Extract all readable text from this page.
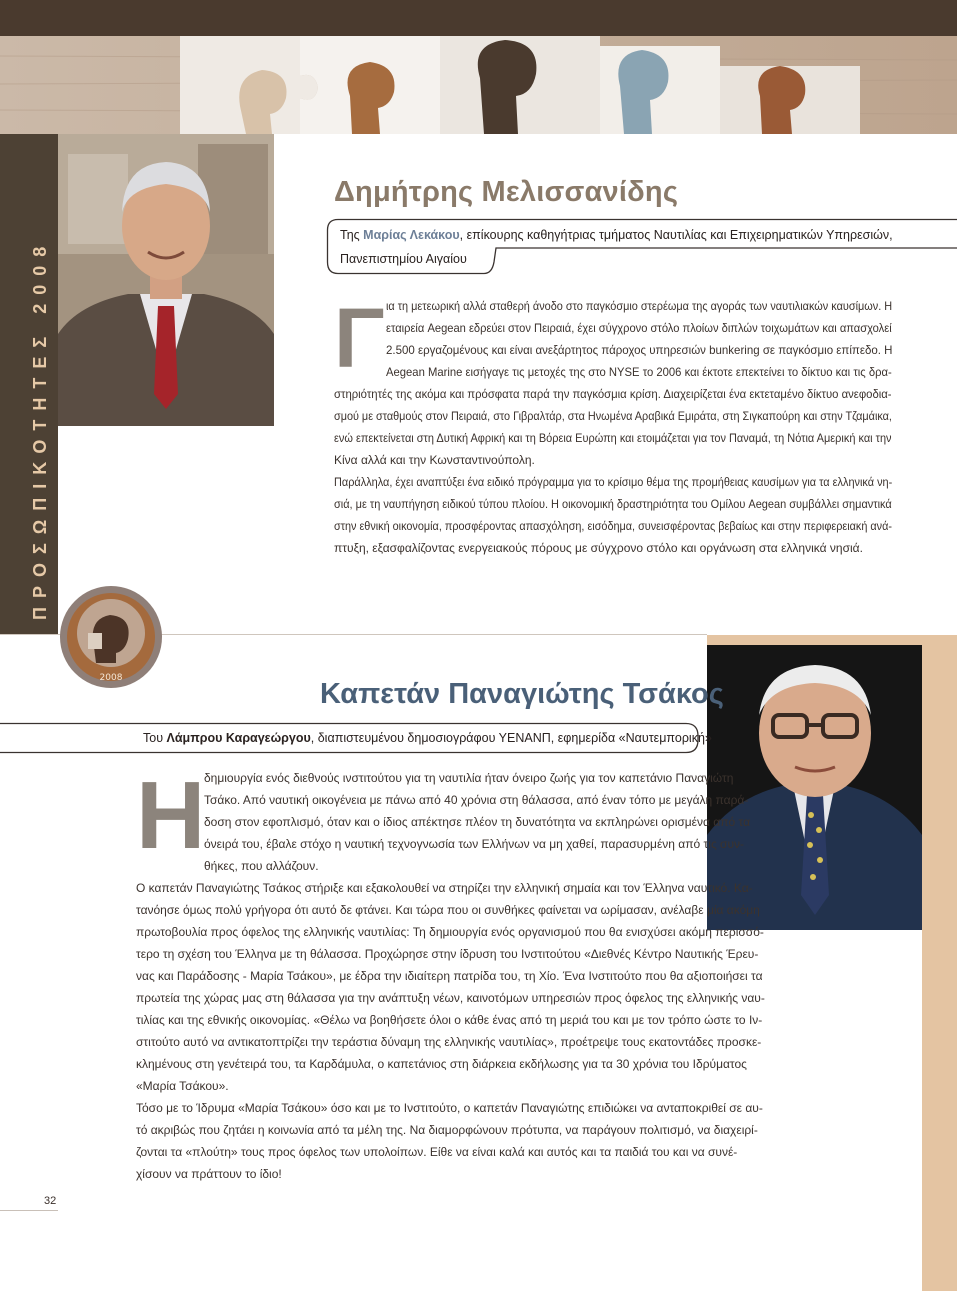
ΠΡΟΣΩΠΙΚΟΤΗΤΕΣ 2008
2008
Δημήτρης Μελισσανίδης
Της Μαρίας Λεκάκου, επίκουρης καθηγήτριας τμήματος Ναυτιλίας και Επιχειρηματικών Υπηρεσιών,
Πανεπιστημίου Αιγαίου
Γ ια τη μετεωρική αλλά σταθερή άνοδο στο παγκόσμιο στερέωμα της αγοράς των ναυτιλιακών καυσίμων. Η
εταιρεία Aegean εδρεύει στον Πειραιά, έχει σύγχρονο στόλο πλοίων διπλών τοιχωμάτων και απασχολεί
2.500 εργαζομένους και είναι ανεξάρτητος πάροχος υπηρεσιών bunkering σε παγκόσμιο επίπεδο. Η
Aegean Marine εισήγαγε τις μετοχές της στο NYSE το 2006 και έκτοτε επεκτείνει το δίκτυο και τις δρα-
στηριότητές της ακόμα και πρόσφατα παρά την παγκόσμια κρίση. Διαχειρίζεται ένα εκτεταμένο δίκτυο ανεφοδια-
σμού με σταθμούς στον Πειραιά, στο Γιβραλτάρ, στα Ηνωμένα Αραβικά Εμιράτα, στη Σιγκαπούρη και στην Τζαμάικα,
ενώ επεκτείνεται στη Δυτική Αφρική και τη Βόρεια Ευρώπη και ετοιμάζεται για τον Παναμά, τη Νότια Αμερική και την
Κίνα αλλά και την Κωνσταντινούπολη.
Παράλληλα, έχει αναπτύξει ένα ειδικό πρόγραμμα για το κρίσιμο θέμα της προμήθειας καυσίμων για τα ελληνικά νη-
σιά, με τη ναυπήγηση ειδικού τύπου πλοίου. Η οικονομική δραστηριότητα του Ομίλου Aegean συμβάλλει σημαντικά
στην εθνική οικονομία, προσφέροντας απασχόληση, εισόδημα, συνεισφέροντας βεβαίως και στην περιφερειακή ανά-
πτυξη, εξασφαλίζοντας ενεργειακούς πόρους με σύγχρονο στόλο και οργάνωση στα ελληνικά νησιά.
Καπετάν Παναγιώτης Τσάκος
Του Λάμπρου Καραγεώργου, διαπιστευμένου δημοσιογράφου ΥΕΝΑΝΠ, εφημερίδα «Ναυτεμπορική»
Η
δημιουργία ενός διεθνούς ινστιτούτου για τη ναυτιλία ήταν όνειρο ζωής για τον καπετάνιο Παναγιώτη
Τσάκο. Από ναυτική οικογένεια με πάνω από 40 χρόνια στη θάλασσα, από έναν τόπο με μεγάλη παρά-
δοση στον εφοπλισμό, όταν και ο ίδιος απέκτησε πλέον τη δυνατότητα να εκπληρώνει ορισμένα από τα
όνειρά του, έβαλε στόχο η ναυτική τεχνογνωσία των Ελλήνων να μη χαθεί, παρασυρμένη από τις συν-
θήκες, που αλλάζουν.
Ο καπετάν Παναγιώτης Τσάκος στήριξε και εξακολουθεί να στηρίζει την ελληνική σημαία και τον Έλληνα ναυτικό. Κα-
τανόησε όμως πολύ γρήγορα ότι αυτό δε φτάνει. Και τώρα που οι συνθήκες φαίνεται να ωρίμασαν, ανέλαβε μία ακόμη
πρωτοβουλία προς όφελος της ελληνικής ναυτιλίας: Τη δημιουργία ενός οργανισμού που θα ενισχύσει ακόμη περισσό-
τερο τη σχέση του Έλληνα με τη θάλασσα. Προχώρησε στην ίδρυση του Ινστιτούτου «Διεθνές Κέντρο Ναυτικής Έρευ-
νας και Παράδοσης - Μαρία Τσάκου», με έδρα την ιδιαίτερη πατρίδα του, τη Χίο. Ένα Ινστιτούτο που θα αξιοποιήσει τα
πρωτεία της χώρας μας στη θάλασσα για την ανάπτυξη νέων, καινοτόμων υπηρεσιών προς όφελος της ελληνικής ναυ-
τιλίας και της εθνικής οικονομίας. «Θέλω να βοηθήσετε όλοι ο κάθε ένας από τη μεριά του και με τον τρόπο ώστε το Ιν-
στιτούτο αυτό να αντικατοπτρίζει την τεράστια δύναμη της ελληνικής ναυτιλίας», προέτρεψε τους εκατοντάδες προσκε-
κλημένους στη γενέτειρά του, τα Καρδάμυλα, ο καπετάνιος στη διάρκεια εκδήλωσης για τα 30 χρόνια του Ιδρύματος
«Μαρία Τσάκου».
Τόσο με το Ίδρυμα «Μαρία Τσάκου» όσο και με το Ινστιτούτο, ο καπετάν Παναγιώτης επιδιώκει να ανταποκριθεί σε αυ-
τό ακριβώς που ζητάει η κοινωνία από τα μέλη της. Να διαμορφώνουν πρότυπα, να παράγουν πολιτισμό, να διαχειρί-
ζονται τα «πλούτη» τους προς όφελος των υπολοίπων. Είθε να είναι καλά και αυτός και τα παιδιά του και να συνέ-
χίσουν να πράττουν το ίδιο!
32
